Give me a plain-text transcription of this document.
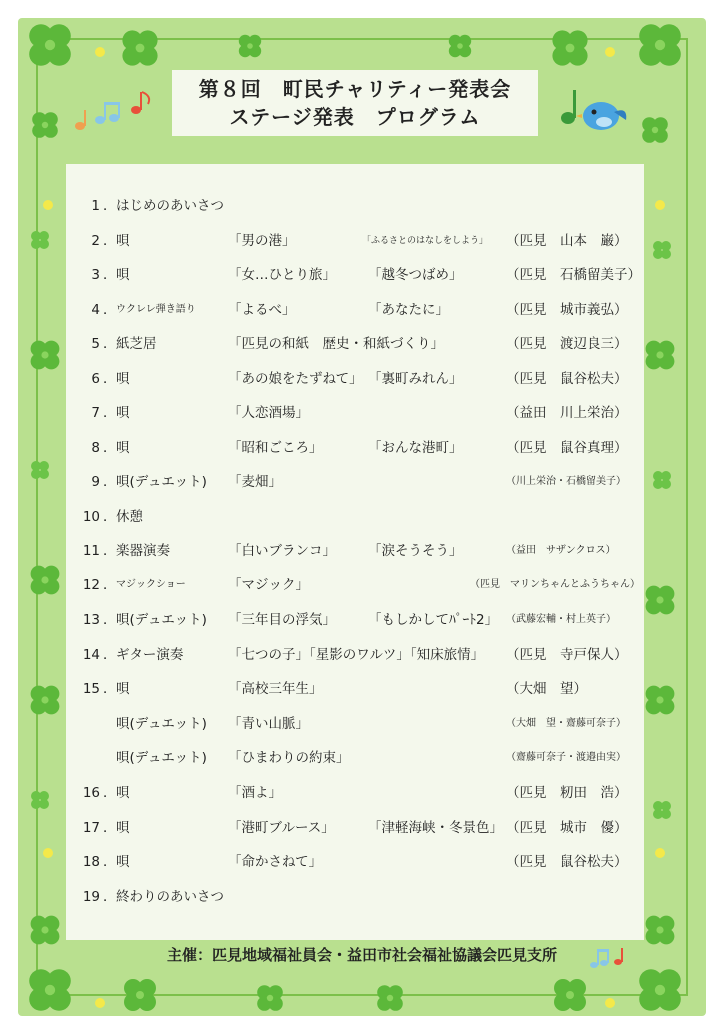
第８回　町民チャリティー発表会
ステージ発表　プログラム
1 ． はじめのあいさつ
2 ． 唄	「男の港」	「ふるさとのはなしをしよう」 （匹見　山本　巌）
3 ． 唄	「女…ひとり旅」 「越冬つばめ」	（匹見　石橋留美子）
4 ． ウクレレ弾き語り 「よるべ」	「あなたに」	（匹見　城市義弘）
5 ． 紙芝居	「匹見の和紙　歴史・和紙づくり」	（匹見　渡辺良三）
6 ． 唄	「あの娘をたずねて」 「裏町みれん」	（匹見　鼠谷松夫）
7 ． 唄	「人恋酒場」	（益田　川上栄治）
8 ． 唄	「昭和ごころ」	「おんな港町」	（匹見　鼠谷真理）
9 ． 唄(デュエット) 「麦畑」	（川上栄治・石橋留美子）
10 ． 休憩
11 ． 楽器演奏	「白いブランコ」 「涙そうそう」	（益田　サザンクロス）
12 ． マジックショー	「マジック」	（匹見　マリンちゃんとふうちゃん）
13 ． 唄(デュエット) 「三年目の浮気」 「もしかしてﾊﾟｰﾄ2」 （武藤宏輔・村上英子）
14 ． ギター演奏	「七つの子」「星影のワルツ」「知床旅情」 （匹見　寺戸保人）
15 ． 唄	「高校三年生」	（大畑　望）
唄(デュエット) 「青い山脈」	（大畑　望・齋藤可奈子）
唄(デュエット) 「ひまわりの約束」	（齋藤可奈子・渡邉由実）
16 ． 唄	「酒よ」	（匹見　籾田　浩）
17 ． 唄	「港町ブルース」 「津軽海峡・冬景色」 （匹見　城市　優）
18 ． 唄	「命かさねて」	（匹見　鼠谷松夫）
19 ． 終わりのあいさつ
主催：匹見地域福祉員会・益田市社会福祉協議会匹見支所
